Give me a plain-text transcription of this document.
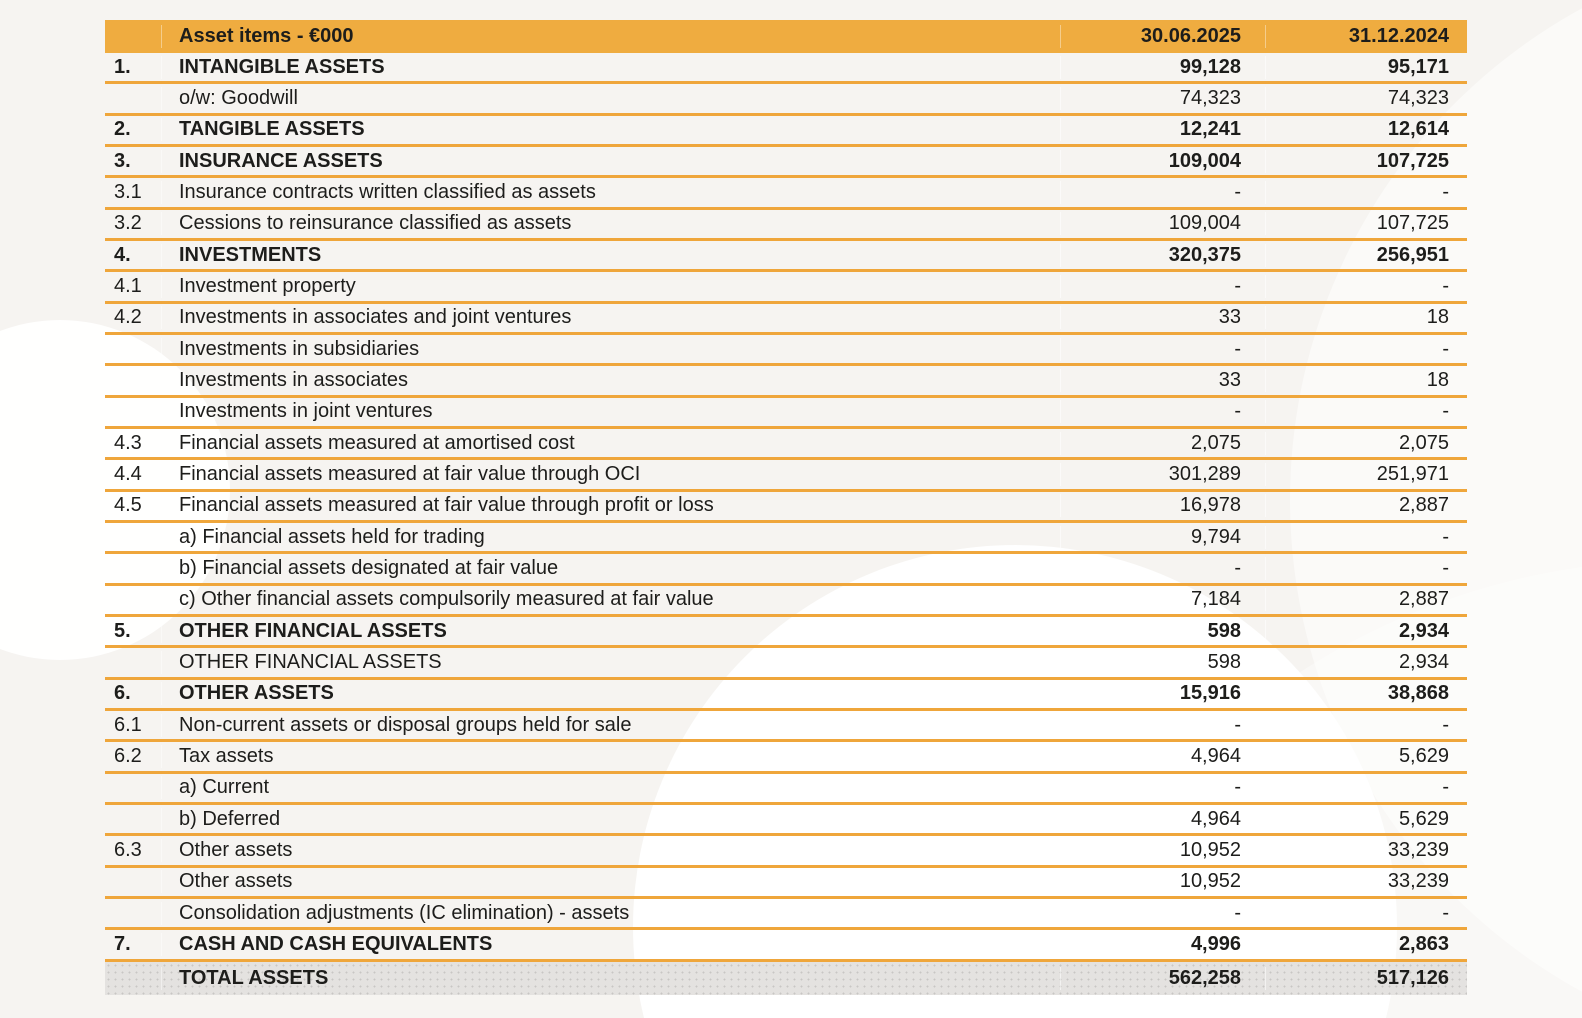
Asset items - €000	30.06.2025	31.12.2024
1.	INTANGIBLE ASSETS	99,128	95,171
o/w: Goodwill	74,323	74,323
2.	TANGIBLE ASSETS	12,241	12,614
3.	INSURANCE ASSETS	109,004	107,725
3.1	Insurance contracts written classified as assets	-	-
3.2	Cessions to reinsurance classified as assets	109,004	107,725
4.	INVESTMENTS	320,375	256,951
4.1	Investment property	-	-
4.2	Investments in associates and joint ventures	33	18
Investments in subsidiaries	-	-
Investments in associates	33	18
Investments in joint ventures	-	-
4.3	Financial assets measured at amortised cost	2,075	2,075
4.4	Financial assets measured at fair value through OCI	301,289	251,971
4.5	Financial assets measured at fair value through profit or loss	16,978	2,887
a) Financial assets held for trading	9,794	-
b) Financial assets designated at fair value	-	-
c) Other financial assets compulsorily measured at fair value	7,184	2,887
5.	OTHER FINANCIAL ASSETS	598	2,934
OTHER FINANCIAL ASSETS	598	2,934
6.	OTHER ASSETS	15,916	38,868
6.1	Non-current assets or disposal groups held for sale	-	-
6.2	Tax assets	4,964	5,629
a) Current	-	-
b) Deferred	4,964	5,629
6.3	Other assets	10,952	33,239
Other assets	10,952	33,239
Consolidation adjustments (IC elimination) - assets	-	-
7.	CASH AND CASH EQUIVALENTS	4,996	2,863
TOTAL ASSETS	562,258	517,126
